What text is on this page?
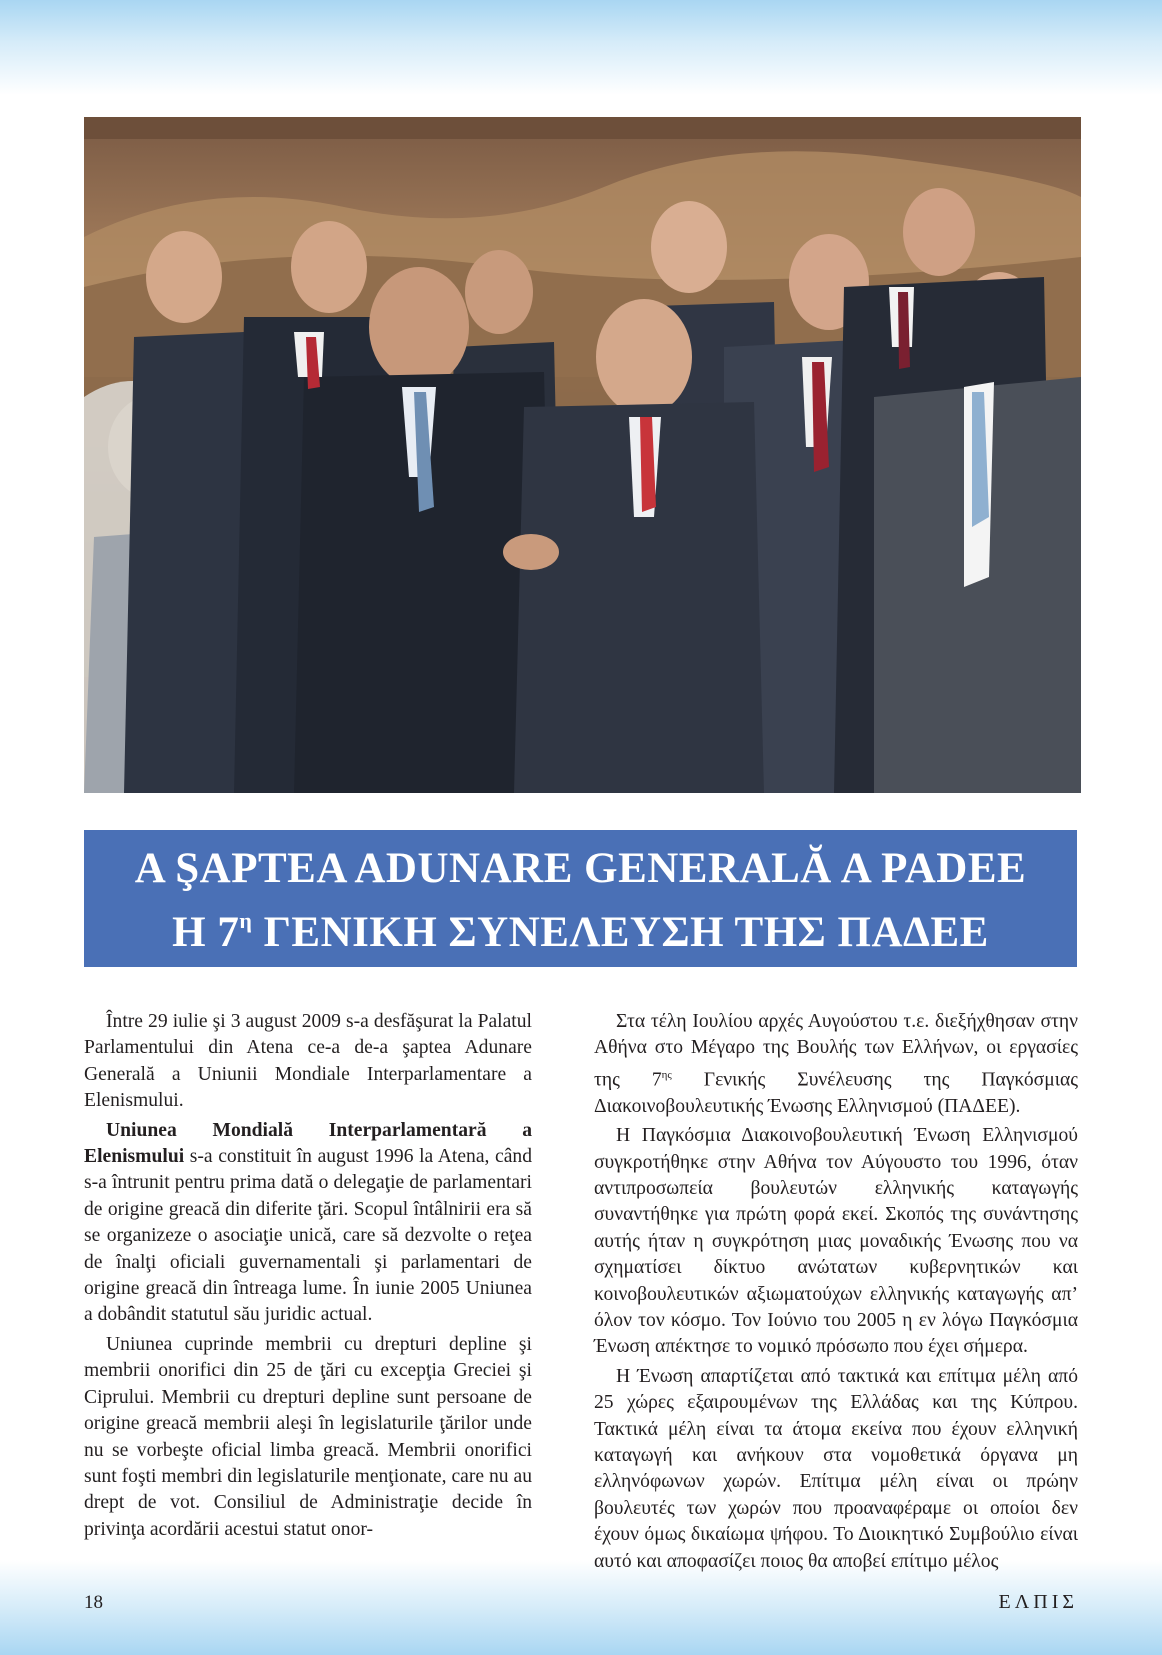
A ŞAPTEA ADUNARE GENERALĂ A PADEE
Η $7^\eta$ ΓΕΝΙΚΗ ΣΥΝΕΛΕΥΣΗ ΤΗΣ ΠΑΔΕΕ

Între 29 iulie şi 3 august 2009 s-a desfăşurat la Palatul Parlamentului din Atena ce-a de-a şaptea Adunare Generală a Uniunii Mondiale Interparlamentare a Elenismului.

Uniunea Mondială Interparlamentară a Elenismului s-a constituit în august 1996 la Atena, când s-a întrunit pentru prima dată o delegaţie de parlamentari de origine greacă din diferite ţări. Scopul întâlnirii era să se organizeze o asociaţie unică, care să dezvolte o reţea de înalţi oficiali guvernamentali şi parlamentari de origine greacă din întreaga lume. În iunie 2005 Uniunea a dobândit statutul său juridic actual.

Uniunea cuprinde membrii cu drepturi depline şi membrii onorifici din 25 de ţări cu excepţia Greciei şi Ciprului. Membrii cu drepturi depline sunt persoane de origine greacă membrii aleşi în legislaturile ţărilor unde nu se vorbeşte oficial limba greacă. Membrii onorifici sunt foşti membri din legislaturile menţionate, care nu au drept de vot. Consiliul de Administraţie decide în privinţa acordării acestui statut onor-

Στα τέλη Ιουλίου αρχές Αυγούστου τ.ε. διεξήχθησαν στην Αθήνα στο Μέγαρο της Βουλής των Ελλήνων, οι εργασίες της $7^{\eta\varsigma}$ Γενικής Συνέλευσης της Παγκόσμιας Διακοινοβουλευτικής Ένωσης Ελληνισμού (ΠΑΔΕΕ).

Η Παγκόσμια Διακοινοβουλευτική Ένωση Ελληνισμού συγκροτήθηκε στην Αθήνα τον Αύγουστο του 1996, όταν αντιπροσωπεία βουλευτών ελληνικής καταγωγής συναντήθηκε για πρώτη φορά εκεί. Σκοπός της συνάντησης αυτής ήταν η συγκρότηση μιας μοναδικής Ένωσης που να σχηματίσει δίκτυο ανώτατων κυβερνητικών και κοινοβουλευτικών αξιωματούχων ελληνικής καταγωγής απ’ όλον τον κόσμο. Τον Ιούνιο του 2005 η εν λόγω Παγκόσμια Ένωση απέκτησε το νομικό πρόσωπο που έχει σήμερα.

Η Ένωση απαρτίζεται από τακτικά και επίτιμα μέλη από 25 χώρες εξαιρουμένων της Ελλάδας και της Κύπρου. Τακτικά μέλη είναι τα άτομα εκείνα που έχουν ελληνική καταγωγή και ανήκουν στα νομοθετικά όργανα μη ελληνόφωνων χωρών. Επίτιμα μέλη είναι οι πρώην βουλευτές των χωρών που προαναφέραμε οι οποίοι δεν έχουν όμως δικαίωμα ψήφου. Το Διοικητικό Συμβούλιο είναι αυτό και αποφασίζει ποιος θα αποβεί επίτιμο μέλος

18	ΕΛΠΙΣ
